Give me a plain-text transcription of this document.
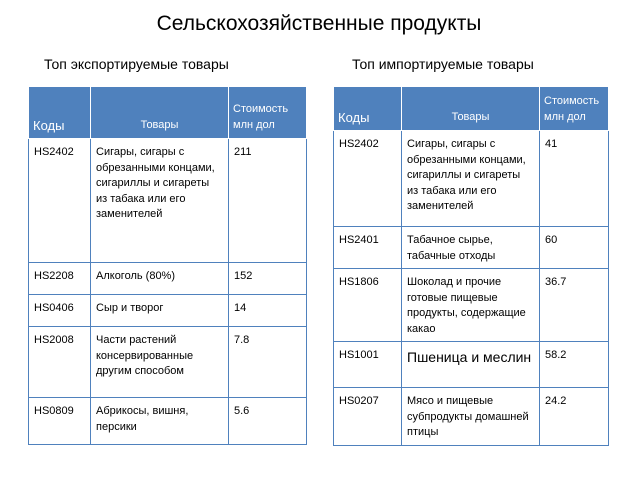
Сельскохозяйственные продукты
Топ экспортируемые товары	Топ импортируемые товары
Коды	Товары	Стоимость млн дол
HS2402	Сигары, сигары с обрезанными концами, сигариллы и сигареты из табака или его заменителей	211
HS2208	Алкоголь (80%)	152
HS0406	Сыр и творог	14
HS2008	Части растений консервированные другим способом	7.8
HS0809	Абрикосы, вишня, персики	5.6
Коды	Товары	Стоимость млн дол
HS2402	Сигары, сигары с обрезанными концами, сигариллы и сигареты из табака или его заменителей	41
HS2401	Табачное сырье, табачные отходы	60
HS1806	Шоколад и прочие готовые пищевые продукты, содержащие какао	36.7
HS1001	Пшеница и меслин	58.2
HS0207	Мясо и пищевые субпродукты домашней птицы	24.2
